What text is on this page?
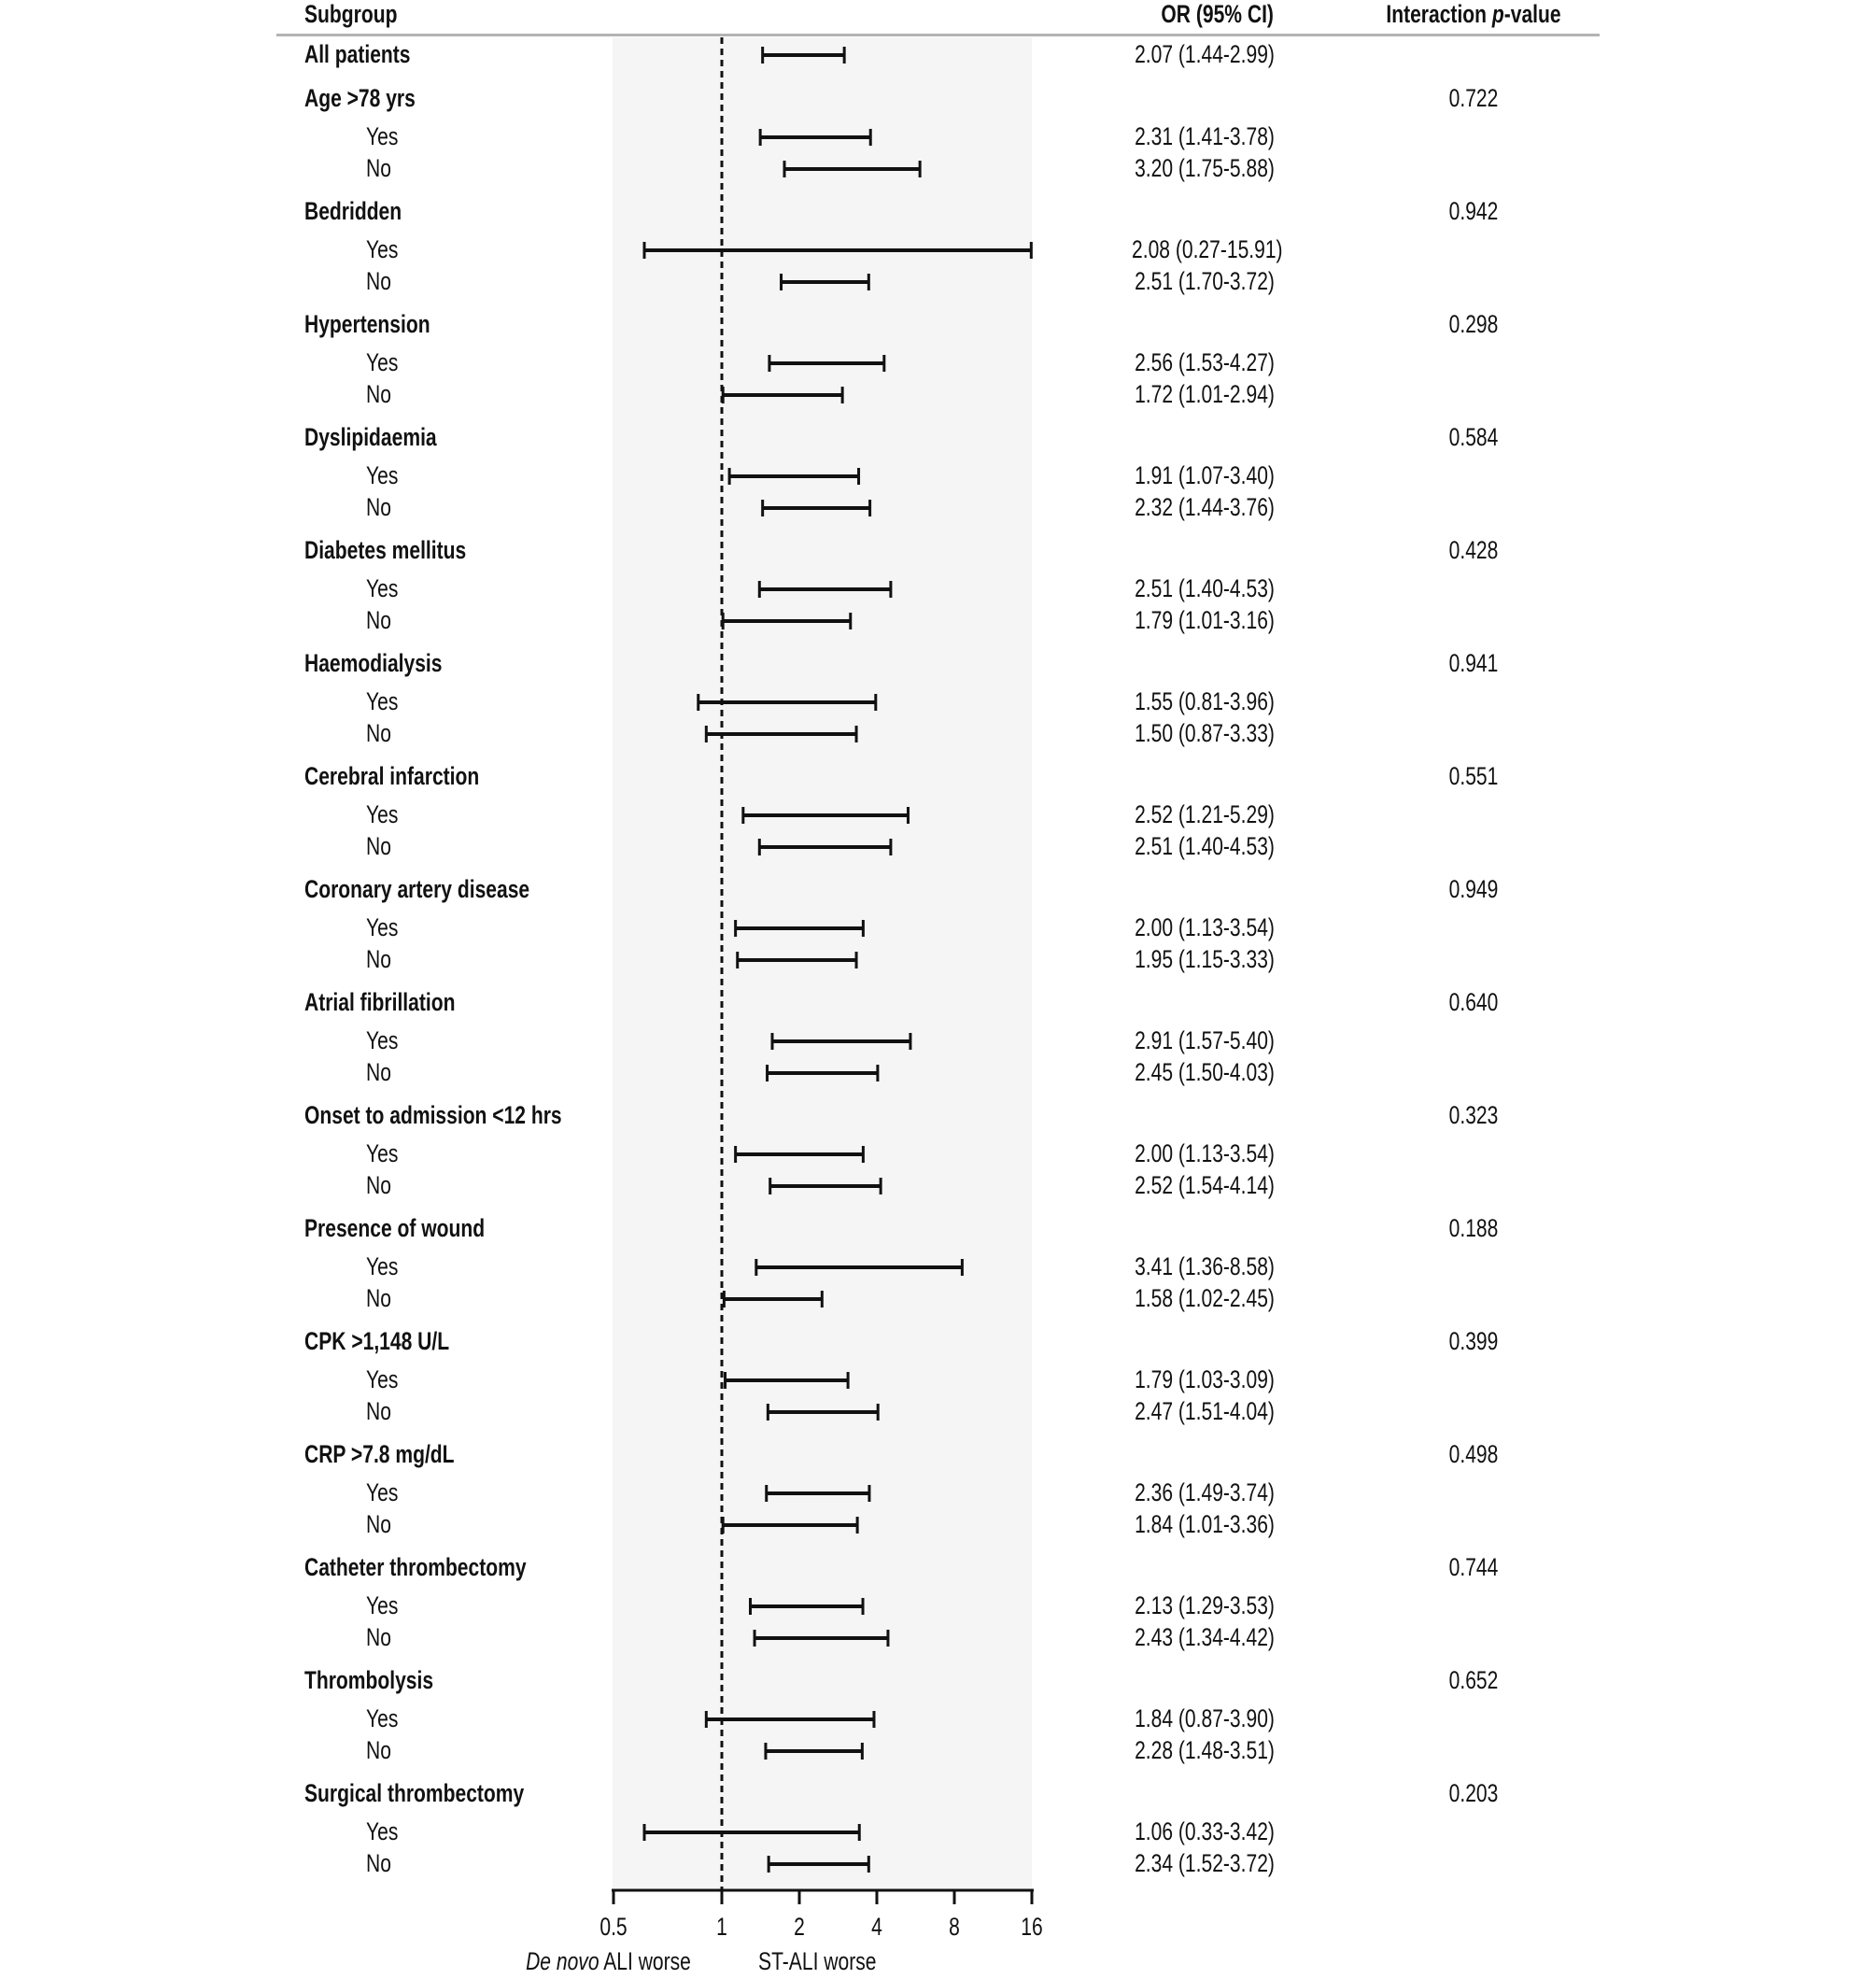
Subgroup	OR (95% CI)	Interaction p-value
All patients	2.07 (1.44-2.99)
Age >78 yrs	0.722
Yes	2.31 (1.41-3.78)
No	3.20 (1.75-5.88)
Bedridden	0.942
Yes	2.08 (0.27-15.91)
No	2.51 (1.70-3.72)
Hypertension	0.298
Yes	2.56 (1.53-4.27)
No	1.72 (1.01-2.94)
Dyslipidaemia	0.584
Yes	1.91 (1.07-3.40)
No	2.32 (1.44-3.76)
Diabetes mellitus	0.428
Yes	2.51 (1.40-4.53)
No	1.79 (1.01-3.16)
Haemodialysis	0.941
Yes	1.55 (0.81-3.96)
No	1.50 (0.87-3.33)
Cerebral infarction	0.551
Yes	2.52 (1.21-5.29)
No	2.51 (1.40-4.53)
Coronary artery disease	0.949
Yes	2.00 (1.13-3.54)
No	1.95 (1.15-3.33)
Atrial fibrillation	0.640
Yes	2.91 (1.57-5.40)
No	2.45 (1.50-4.03)
Onset to admission <12 hrs	0.323
Yes	2.00 (1.13-3.54)
No	2.52 (1.54-4.14)
Presence of wound	0.188
Yes	3.41 (1.36-8.58)
No	1.58 (1.02-2.45)
CPK >1,148 U/L	0.399
Yes	1.79 (1.03-3.09)
No	2.47 (1.51-4.04)
CRP >7.8 mg/dL	0.498
Yes	2.36 (1.49-3.74)
No	1.84 (1.01-3.36)
Catheter thrombectomy	0.744
Yes	2.13 (1.29-3.53)
No	2.43 (1.34-4.42)
Thrombolysis	0.652
Yes	1.84 (0.87-3.90)
No	2.28 (1.48-3.51)
Surgical thrombectomy	0.203
Yes	1.06 (0.33-3.42)
No	2.34 (1.52-3.72)
0.5	1	2	4	8	16
De novo ALI worse	ST-ALI worse
